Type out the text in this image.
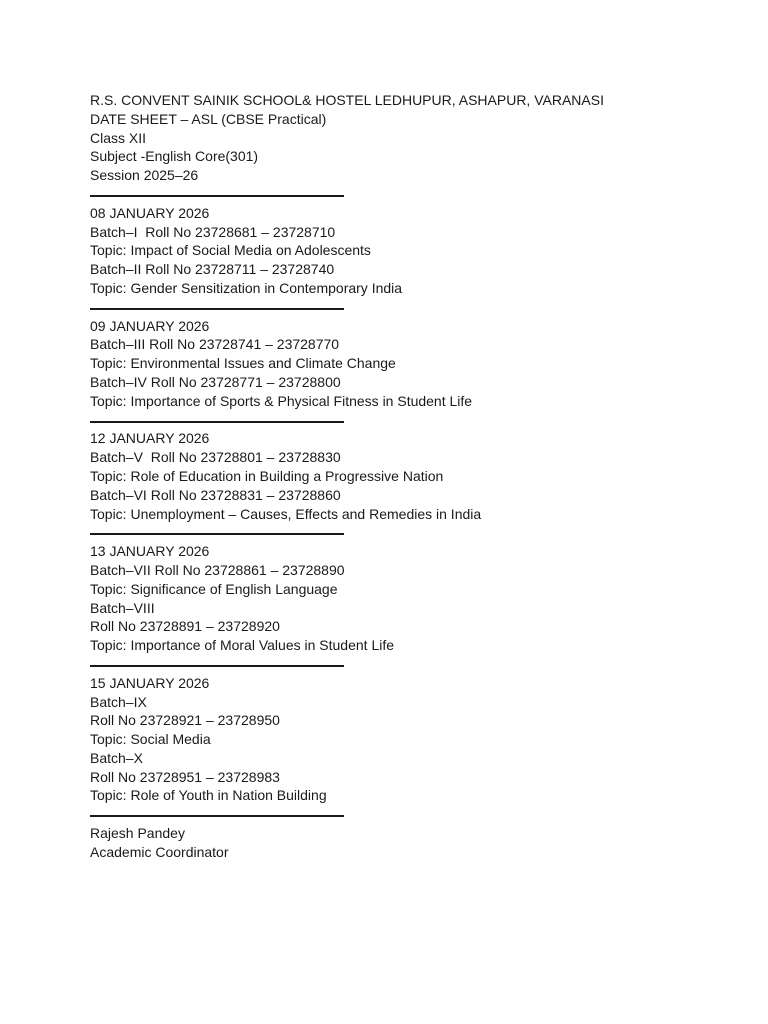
R.S. CONVENT SAINIK SCHOOL& HOSTEL LEDHUPUR, ASHAPUR, VARANASI
DATE SHEET – ASL (CBSE Practical)
Class XII
Subject -English Core(301)
Session 2025–26
08 JANUARY 2026
Batch–I  Roll No 23728681 – 23728710
Topic: Impact of Social Media on Adolescents
Batch–II Roll No 23728711 – 23728740
Topic: Gender Sensitization in Contemporary India
09 JANUARY 2026
Batch–III Roll No 23728741 – 23728770
Topic: Environmental Issues and Climate Change
Batch–IV Roll No 23728771 – 23728800
Topic: Importance of Sports & Physical Fitness in Student Life
12 JANUARY 2026
Batch–V  Roll No 23728801 – 23728830
Topic: Role of Education in Building a Progressive Nation
Batch–VI Roll No 23728831 – 23728860
Topic: Unemployment – Causes, Effects and Remedies in India
13 JANUARY 2026
Batch–VII Roll No 23728861 – 23728890
Topic: Significance of English Language
Batch–VIII
Roll No 23728891 – 23728920
Topic: Importance of Moral Values in Student Life
15 JANUARY 2026
Batch–IX
Roll No 23728921 – 23728950
Topic: Social Media
Batch–X
Roll No 23728951 – 23728983
Topic: Role of Youth in Nation Building
Rajesh Pandey
Academic Coordinator
